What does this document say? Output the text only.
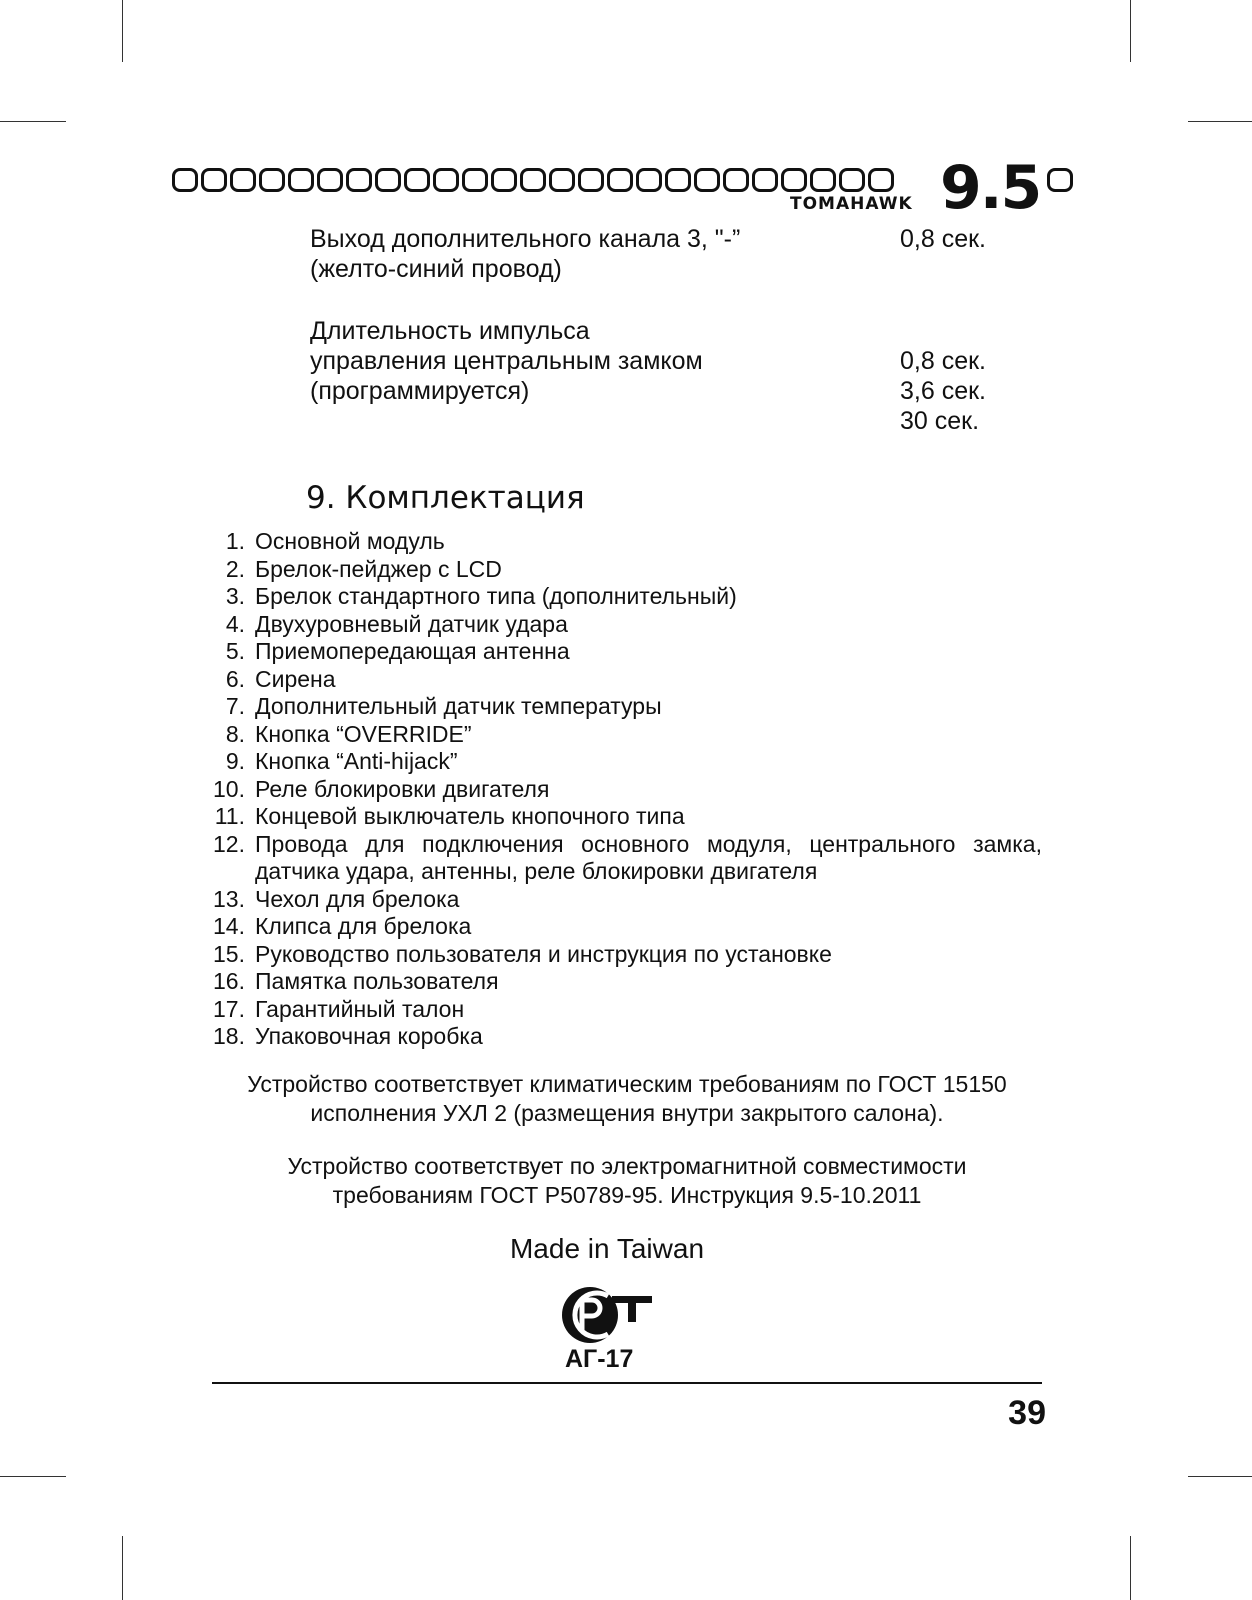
TOMAHAWK 9.5
Выход дополнительного канала 3, "-”
(желто-синий провод)
0,8 сек.
Длительность импульса
управления центральным замком
(программируется)
0,8 сек.
3,6 сек.
30 сек.
9. Комплектация
1. Основной модуль
2. Брелок-пейджер с LCD
3. Брелок стандартного типа (дополнительный)
4. Двухуровневый датчик удара
5. Приемопередающая антенна
6. Сирена
7. Дополнительный датчик температуры
8. Кнопка “OVERRIDE”
9. Кнопка “Anti-hijack”
10. Реле блокировки двигателя
11. Концевой выключатель кнопочного типа
12. Провода для подключения основного модуля, центрального замка, датчика удара, антенны, реле блокировки двигателя
13. Чехол для брелока
14. Клипса для брелока
15. Руководство пользователя и инструкция по установке
16. Памятка пользователя
17. Гарантийный талон
18. Упаковочная коробка
Устройство соответствует климатическим требованиям по ГОСТ 15150
исполнения УХЛ 2 (размещения внутри закрытого салона).
Устройство соответствует по электромагнитной совместимости
требованиям ГОСТ Р50789-95. Инструкция 9.5-10.2011
Made in Taiwan
АГ-17
39
